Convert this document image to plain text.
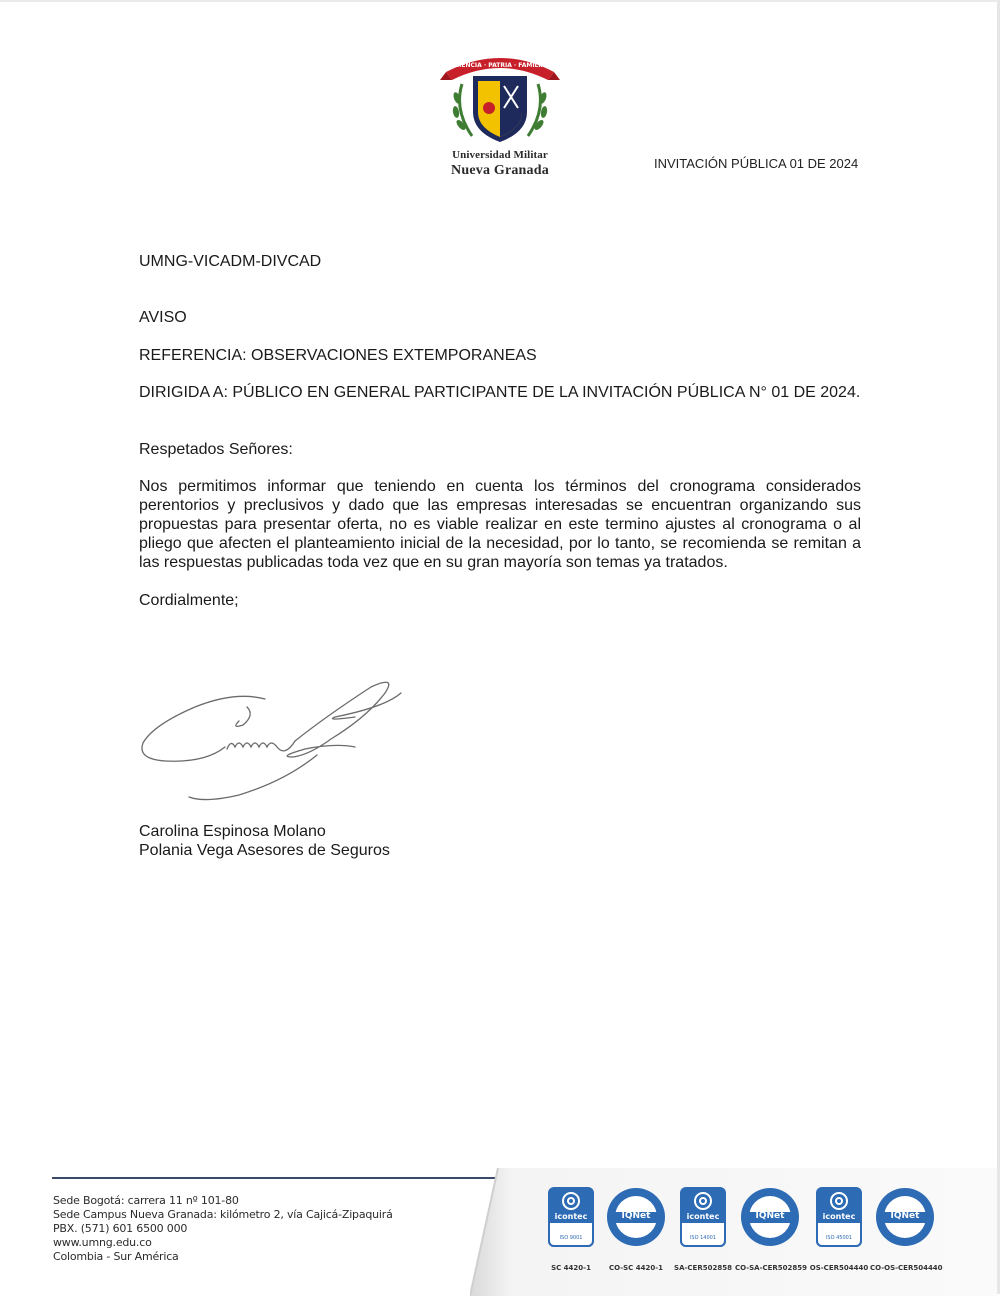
CIENCIA · PATRIA · FAMILIA
Universidad Militar
Nueva Granada	INVITACIÓN PÚBLICA 01 DE 2024
UMNG-VICADM-DIVCAD
AVISO
REFERENCIA: OBSERVACIONES EXTEMPORANEAS
DIRIGIDA A: PÚBLICO EN GENERAL PARTICIPANTE DE LA INVITACIÓN PÚBLICA N° 01 DE 2024.
Respetados Señores:
Nos permitimos informar que teniendo en cuenta los términos del cronograma considerados perentorios y preclusivos y dado que las empresas interesadas se encuentran organizando sus propuestas para presentar oferta, no es viable realizar en este termino ajustes al cronograma o al pliego que afecten el planteamiento inicial de la necesidad, por lo tanto, se recomienda se remitan a las respuestas publicadas toda vez que en su gran mayoría son temas ya tratados.
Cordialmente;
Carolina Espinosa Molano
Polania Vega Asesores de Seguros
Sede Bogotá: carrera 11 nº 101-80
Sede Campus Nueva Granada: kilómetro 2, vía Cajicá-Zipaquirá
PBX. (571) 601 6500 000
www.umng.edu.co
Colombia - Sur América
icontec
ISO 9001
SC 4420-1
IQNet
CO-SC 4420-1
icontec
ISO 14001
SA-CER502858
IQNet
CO-SA-CER502859
icontec
ISO 45001
OS-CER504440
IQNet
CO-OS-CER504440
